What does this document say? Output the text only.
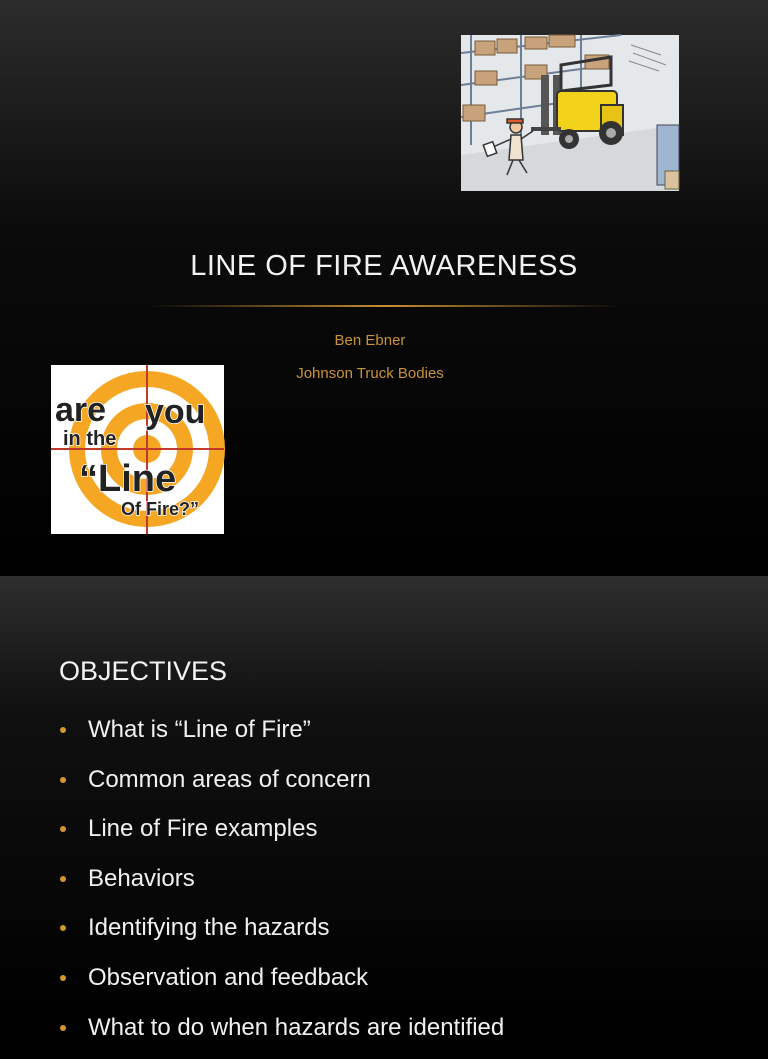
LINE OF FIRE AWARENESS
Ben Ebner
Johnson Truck Bodies
are you
in the
“Line
Of Fire?”
OBJECTIVES
What is “Line of Fire”
Common areas of concern
Line of Fire examples
Behaviors
Identifying the hazards
Observation and feedback
What to do when hazards are identified
